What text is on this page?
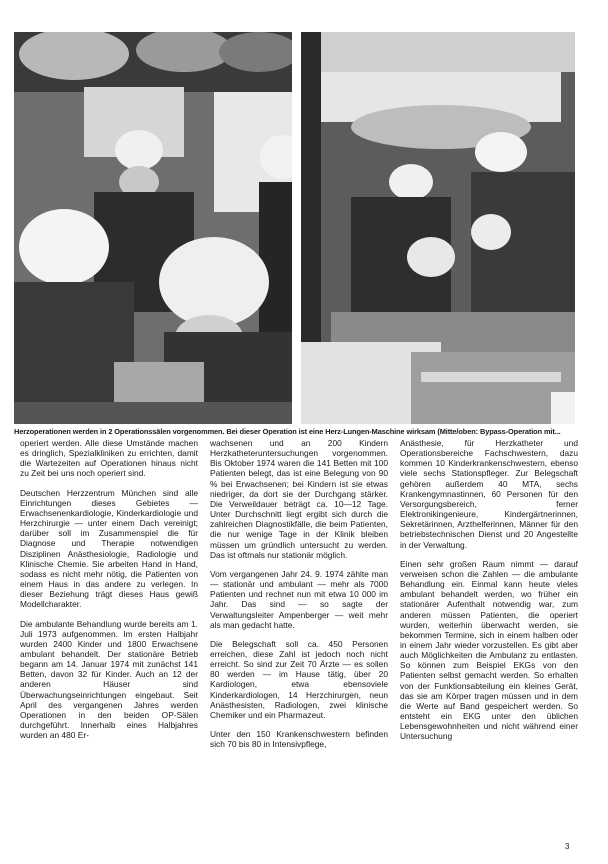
Herzoperationen werden in 2 Operationssälen vorgenommen. Bei dieser Operation ist eine Herz-Lungen-Maschine wirksam (Mitte/oben: Bypass-Operation mit...

operiert werden. Alle diese Umstände machen es dringlich, Spezialkliniken zu errichten, damit die Wartezeiten auf Operationen hinaus nicht zu Zeit bei uns noch operiert sind.

Deutschen Herzzentrum München sind alle Einrichtungen dieses Gebietes — Erwachsenenkardiologie, Kinderkardiologie und Herzchirurgie — unter einem Dach vereinigt; darüber soll im Zusammenspiel die für Diagnose und Therapie notwendigen Disziplinen Anästhesiologie, Radiologie und Klinische Chemie. Sie arbeiten Hand in Hand, sodass es nicht mehr nötig, die Patienten von einem Haus in das andere zu verlegen. In dieser Beziehung trägt dieses Haus gewiß Modellcharakter.

Die ambulante Behandlung wurde bereits am 1. Juli 1973 aufgenommen. Im ersten Halbjahr wurden 2400 Kinder und 1800 Erwachsene ambulant behandelt. Der stationäre Betrieb begann am 14. Januar 1974 mit zunächst 141 Betten, davon 32 für Kinder. Auch an 12 der anderen Häuser sind Überwachungseinrichtungen eingebaut. Seit April des vergangenen Jahres werden Operationen in den beiden OP-Sälen durchgeführt. Innerhalb eines Halbjahres wurden an 480 Er-

wachsenen und an 200 Kindern Herzkatheteruntersuchungen vorgenommen. Bis Oktober 1974 waren die 141 Betten mit 100 Patienten belegt, das ist eine Belegung von 90 % bei Erwachsenen; bei Kindern ist sie etwas niedriger, da dort sie der Durchgang stärker. Die Verweildauer beträgt ca. 10—12 Tage. Unter Durchschnitt liegt ergibt sich durch die zahlreichen Diagnostikfälle, die beim Patienten, die nur wenige Tage in der Klinik bleiben müssen um gründlich untersucht zu werden. Das ist oftmals nur stationär möglich.

Vom vergangenen Jahr 24. 9. 1974 zählte man — stationär und ambulant — mehr als 7000 Patienten und rechnet nun mit etwa 10 000 im Jahr. Das sind — so sagte der Verwaltungsleiter Ampenberger — weit mehr als man gedacht hatte.

Die Belegschaft soll ca. 450 Personen erreichen, diese Zahl ist jedoch noch nicht erreicht. So sind zur Zeit 70 Ärzte — es sollen 80 werden — im Hause tätig, über 20 Kardiologen, etwa ebensoviele Kinderkardiologen, 14 Herzchirurgen, neun Anästhesisten, Radiologen, zwei klinische Chemiker und ein Pharmazeut.

Unter den 150 Krankenschwestern befinden sich 70 bis 80 in Intensivpflege,

Anästhesie, für Herzkatheter und Operationsbereiche Fachschwestern, dazu kommen 10 Kinderkrankenschwestern, ebenso viele sechs Stationspfleger. Zur Belegschaft gehören außerdem 40 MTA, sechs Krankengymnastinnen, 60 Personen für den Versorgungsbereich, ferner Elektronikingenieure, Kindergärtnerinnen, Sekretärinnen, Arzthelferinnen, Männer für den betriebstechnischen Dienst und 20 Angestellte in der Verwaltung.

Einen sehr großen Raum nimmt — darauf verweisen schon die Zahlen — die ambulante Behandlung ein. Einmal kann heute vieles ambulant behandelt werden, wo früher ein stationärer Aufenthalt notwendig war, zum anderen müssen Patienten, die operiert wurden, weiterhin überwacht werden, sie bekommen Termine, sich in einem halben oder in einem Jahr wieder vorzustellen. Es gibt aber auch Möglichkeiten die Ambulanz zu entlasten. So können zum Beispiel EKGs von den Patienten selbst gemacht werden. So erhalten von der Funktionsabteilung ein kleines Gerät, das sie am Körper tragen müssen und in dem die Werte auf Band gespeichert werden. So entsteht ein EKG unter den üblichen Lebensgewohnheiten und nicht während einer Untersuchung

3
